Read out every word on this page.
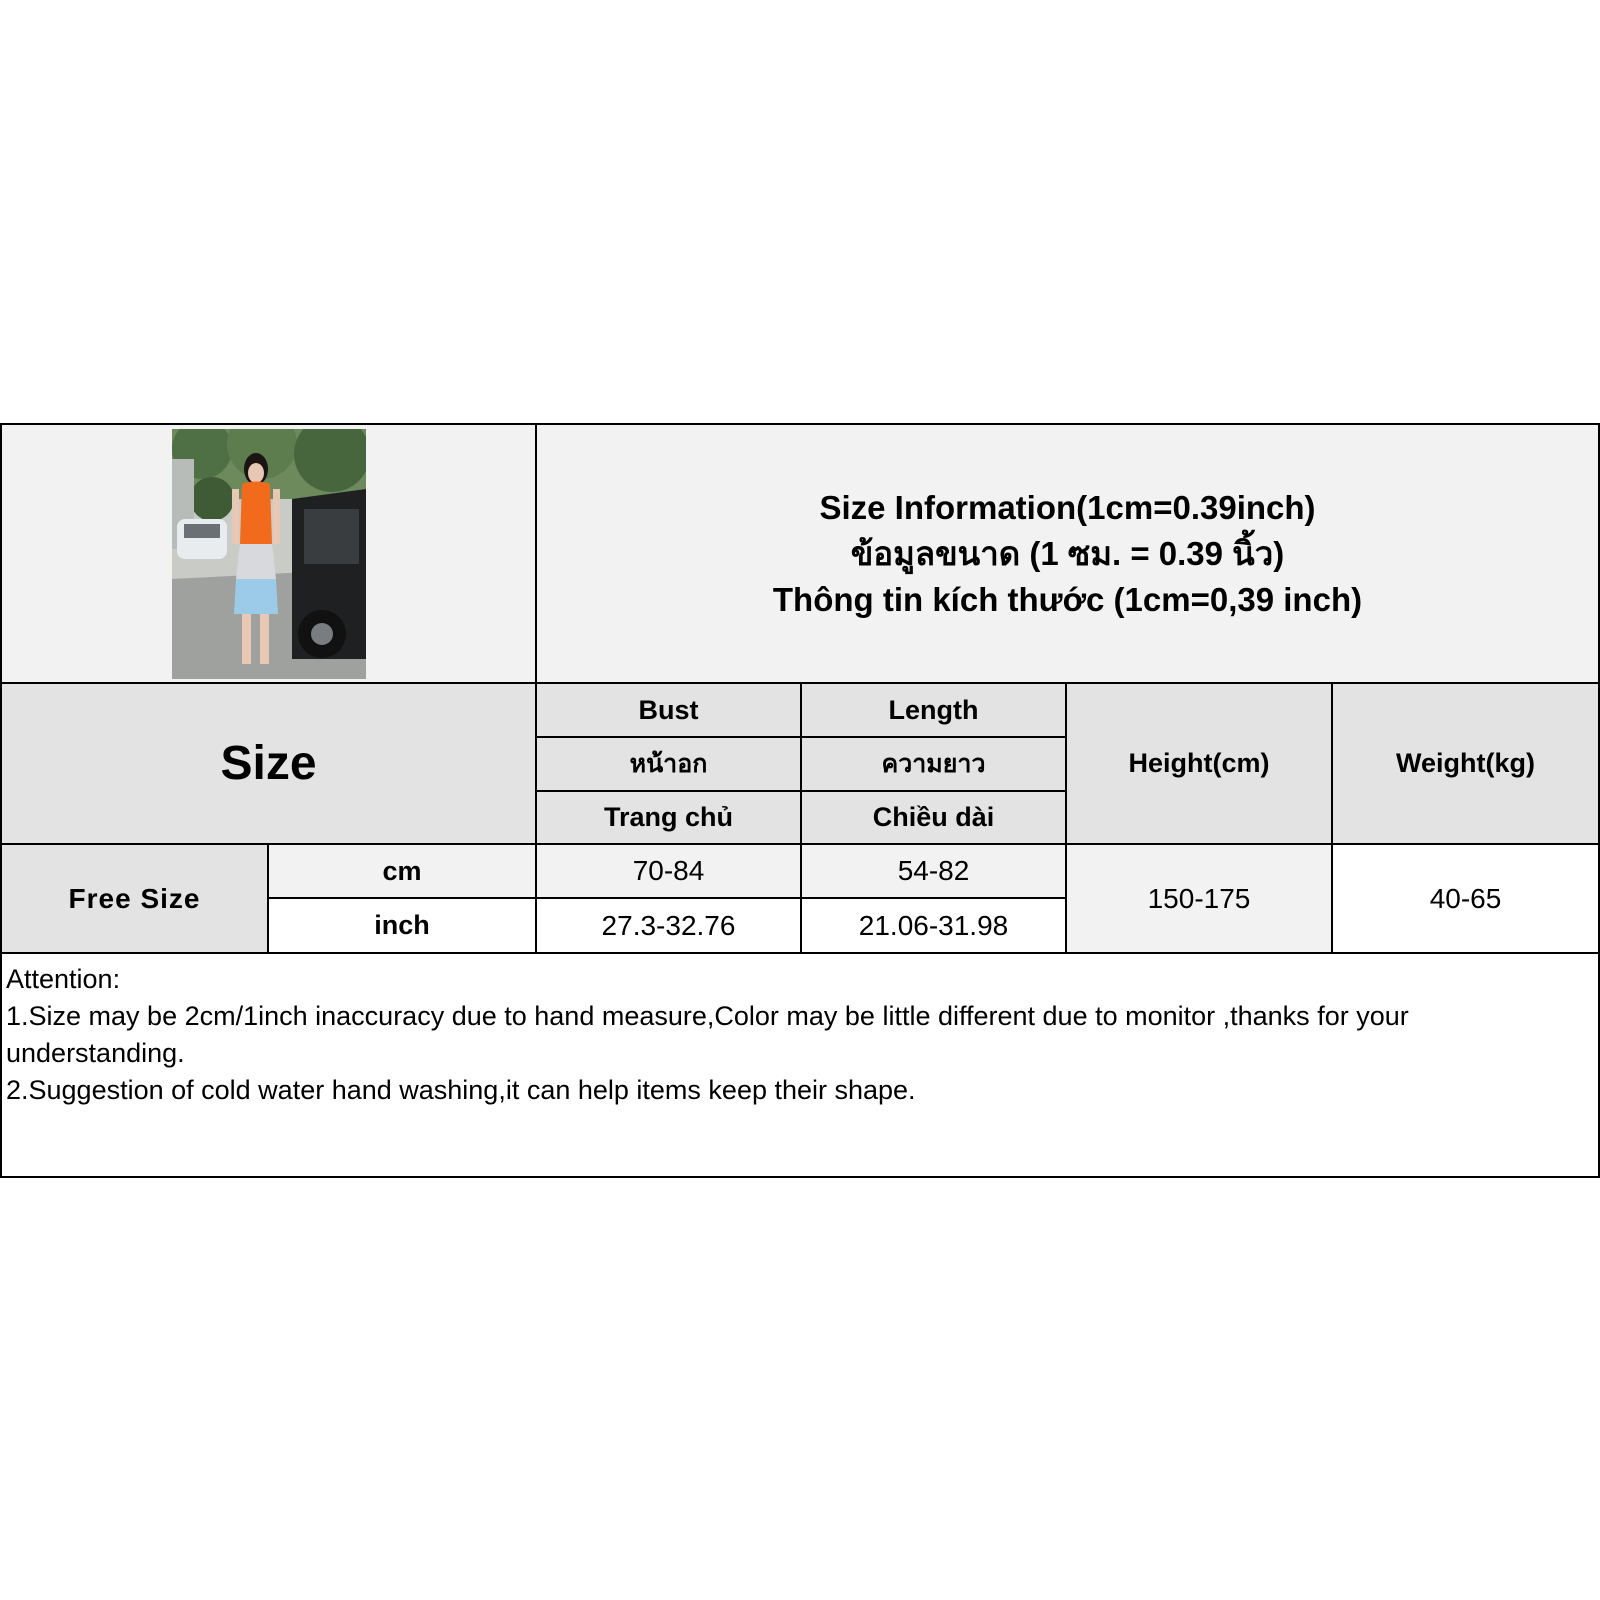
Size Information(1cm=0.39inch)
ข้อมูลขนาด (1 ซม. = 0.39 นิ้ว)
Thông tin kích thước (1cm=0,39 inch)
Size
Bust
หน้าอก
Trang chủ
Length
ความยาว
Chiều dài
Height(cm)	Weight(kg)
Free Size
cm
inch
70-84
27.3-32.76
54-82
21.06-31.98
150-175	40-65
Attention:
1.Size may be 2cm/1inch inaccuracy due to hand measure,Color may be little different due to monitor ,thanks for your understanding.
2.Suggestion of cold water hand washing,it can help items keep their shape.
